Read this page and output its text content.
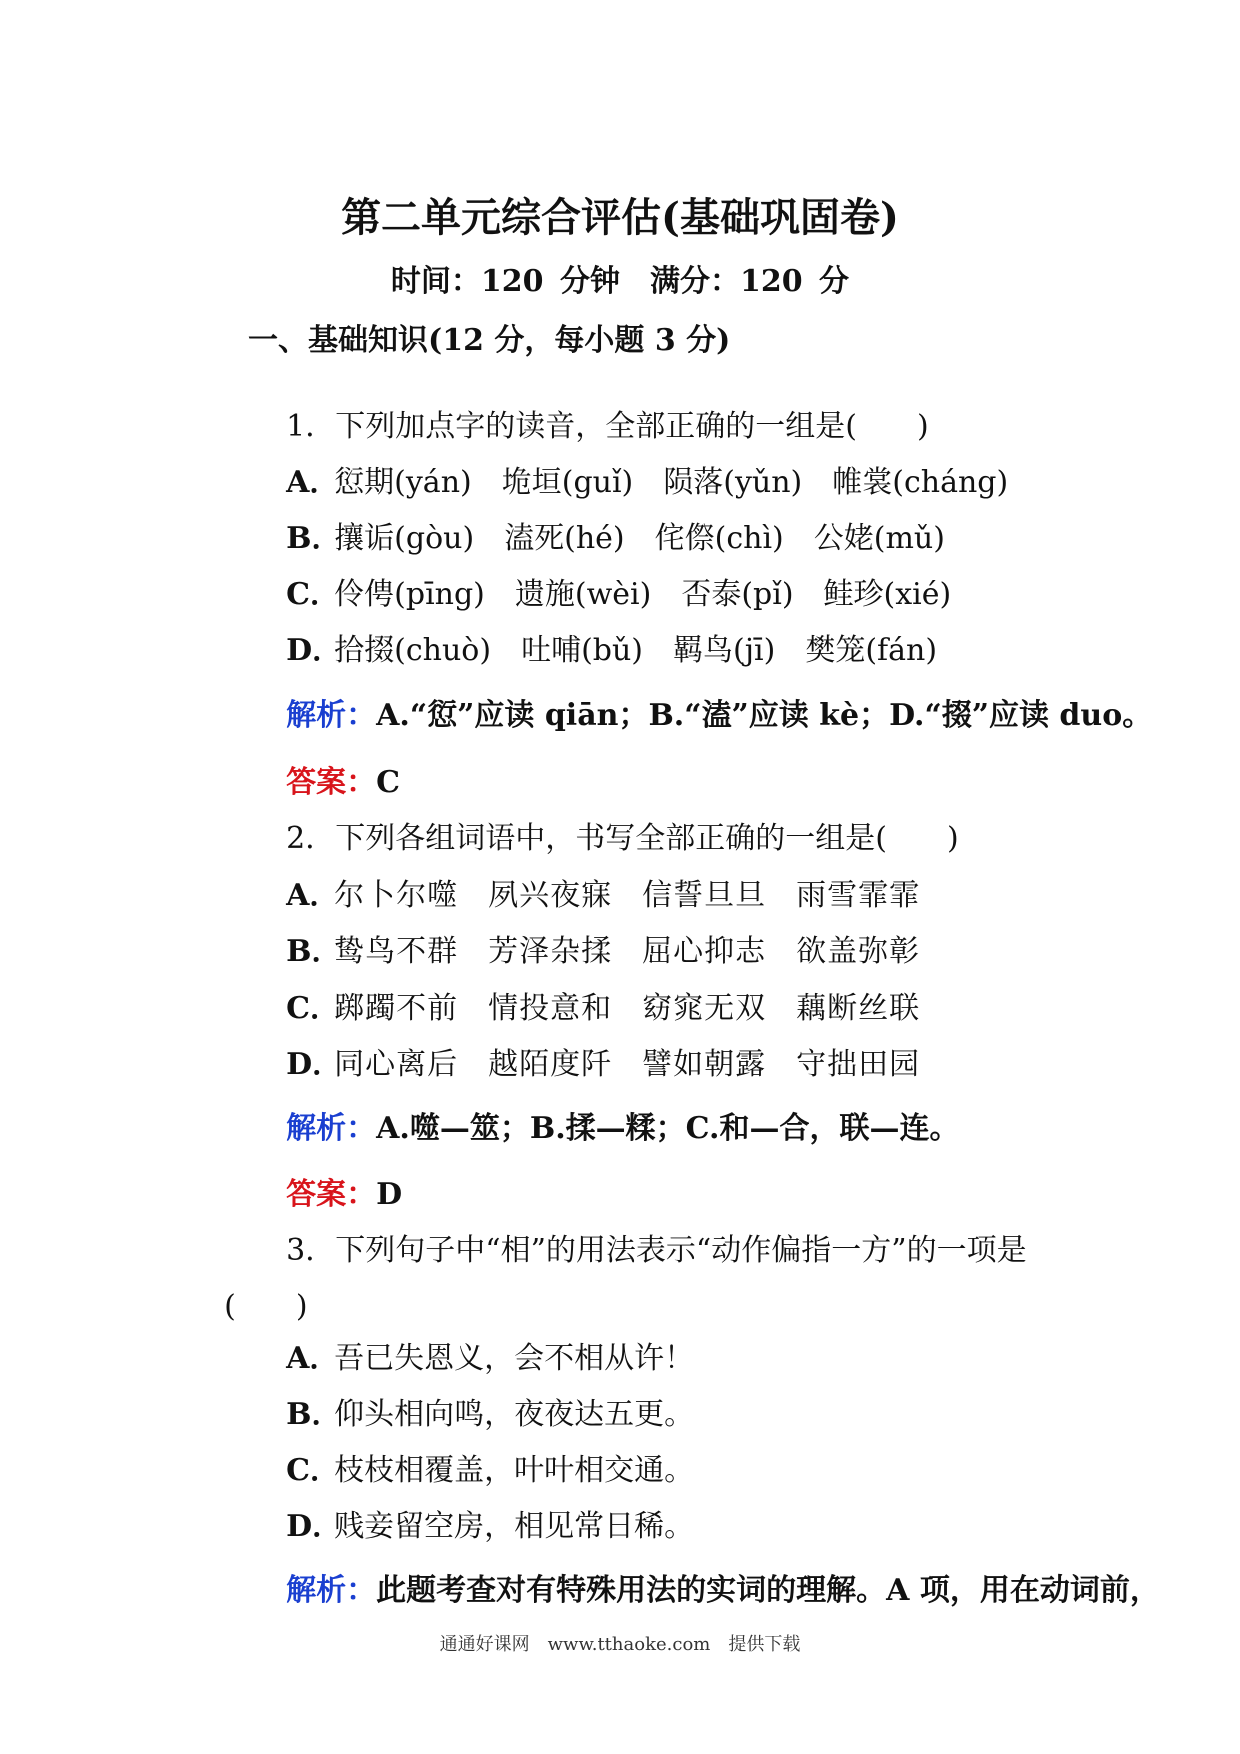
第二单元综合评估(基础巩固卷)
时间：120 分钟　满分：120 分
一、基础知识(12 分，每小题 3 分)

1．下列加点字的读音，全部正确的一组是(　　)

A．愆期(yán) 垝垣(guǐ) 陨落(yǔn) 帷裳(cháng)

B．攘诟(gòu) 溘死(hé) 侘傺(chì) 公姥(mǔ)

C．伶俜(pīng) 遗施(wèi) 否泰(pǐ) 鲑珍(xié)

D．拾掇(chuò) 吐哺(bǔ) 羁鸟(jī) 樊笼(fán)

解析：A.“愆”应读 qiān；B.“溘”应读 kè；D.“掇”应读 duo。

答案：C

2．下列各组词语中，书写全部正确的一组是(　　)

A．尔卜尔噬 夙兴夜寐 信誓旦旦 雨雪霏霏

B．鸷鸟不群 芳泽杂揉 屈心抑志 欲盖弥彰

C．踯躅不前 情投意和 窈窕无双 藕断丝联

D．同心离后 越陌度阡 譬如朝露 守拙田园

解析：A.噬—筮；B.揉—糅；C.和—合，联—连。

答案：D

3．下列句子中“相”的用法表示“动作偏指一方”的一项是

(　　)

A．吾已失恩义，会不相从许！

B．仰头相向鸣，夜夜达五更。

C．枝枝相覆盖，叶叶相交通。

D．贱妾留空房，相见常日稀。

解析：此题考查对有特殊用法的实词的理解。A 项，用在动词前，

通通好课网　www.tthaoke.com　提供下载
